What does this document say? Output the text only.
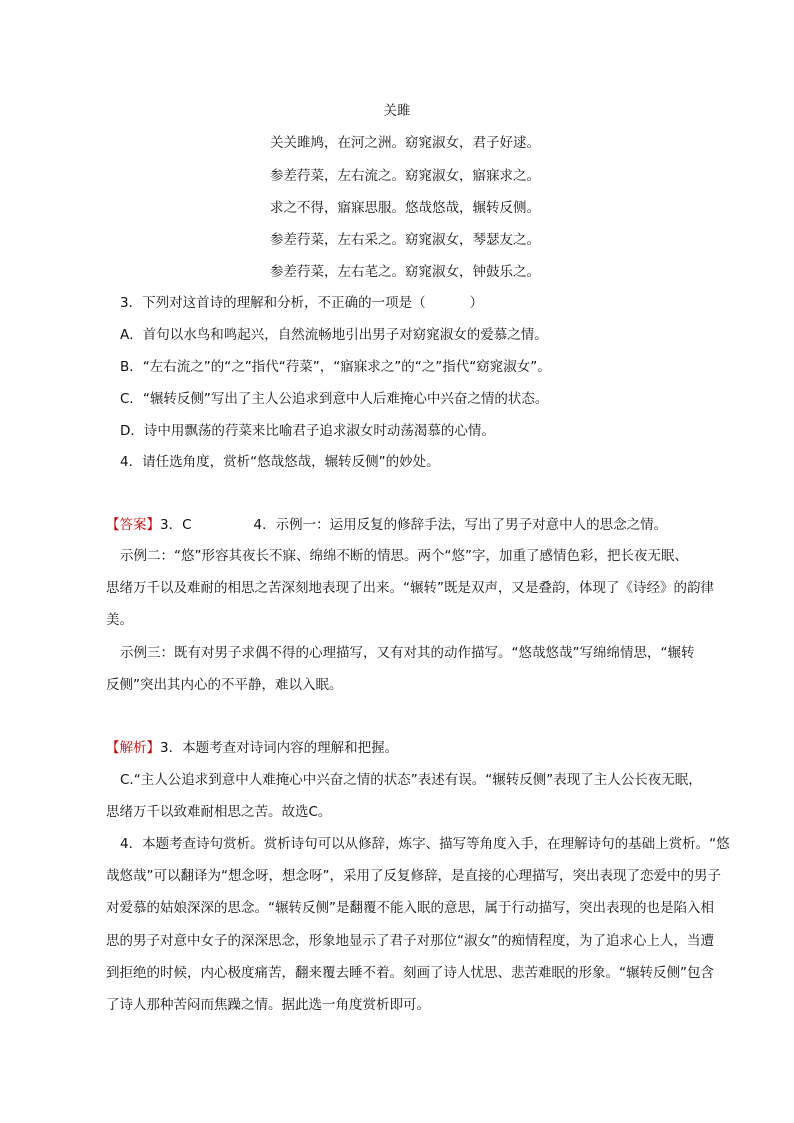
关雎
关关雎鸠，在河之洲。窈窕淑女，君子好逑。
参差荇菜，左右流之。窈窕淑女，寤寐求之。
求之不得，寤寐思服。悠哉悠哉，辗转反侧。
参差荇菜，左右采之。窈窕淑女，琴瑟友之。
参差荇菜，左右芼之。窈窕淑女，钟鼓乐之。
3．下列对这首诗的理解和分析，不正确的一项是（	）
A．首句以水鸟和鸣起兴，自然流畅地引出男子对窈窕淑女的爱慕之情。
B．“左右流之”的“之”指代“荇菜”，“寤寐求之”的“之”指代“窈窕淑女”。
C．“辗转反侧”写出了主人公追求到意中人后难掩心中兴奋之情的状态。
D．诗中用飘荡的荇菜来比喻君子追求淑女时动荡渴慕的心情。
4．请任选角度，赏析“悠哉悠哉，辗转反侧”的妙处。
【答案】3．C	4．示例一：运用反复的修辞手法，写出了男子对意中人的思念之情。
示例二：“悠”形容其夜长不寐、绵绵不断的情思。两个“悠”字，加重了感情色彩，把长夜无眠、
思绪万千以及难耐的相思之苦深刻地表现了出来。“辗转”既是双声，又是叠韵，体现了《诗经》的韵律
美。
示例三：既有对男子求偶不得的心理描写，又有对其的动作描写。“悠哉悠哉”写绵绵情思，“辗转
反侧”突出其内心的不平静，难以入眠。
【解析】3．本题考查对诗词内容的理解和把握。
C.“主人公追求到意中人难掩心中兴奋之情的状态”表述有误。“辗转反侧”表现了主人公长夜无眠，
思绪万千以致难耐相思之苦。故选C。
4．本题考查诗句赏析。赏析诗句可以从修辞，炼字、描写等角度入手，在理解诗句的基础上赏析。“悠
哉悠哉”可以翻译为“想念呀，想念呀”，采用了反复修辞，是直接的心理描写，突出表现了恋爱中的男子
对爱慕的姑娘深深的思念。“辗转反侧”是翻覆不能入眠的意思，属于行动描写，突出表现的也是陷入相
思的男子对意中女子的深深思念，形象地显示了君子对那位“淑女”的痴情程度，为了追求心上人，当遭
到拒绝的时候，内心极度痛苦，翻来覆去睡不着。刻画了诗人忧思、悲苦难眠的形象。“辗转反侧”包含
了诗人那种苦闷而焦躁之情。据此选一角度赏析即可。
